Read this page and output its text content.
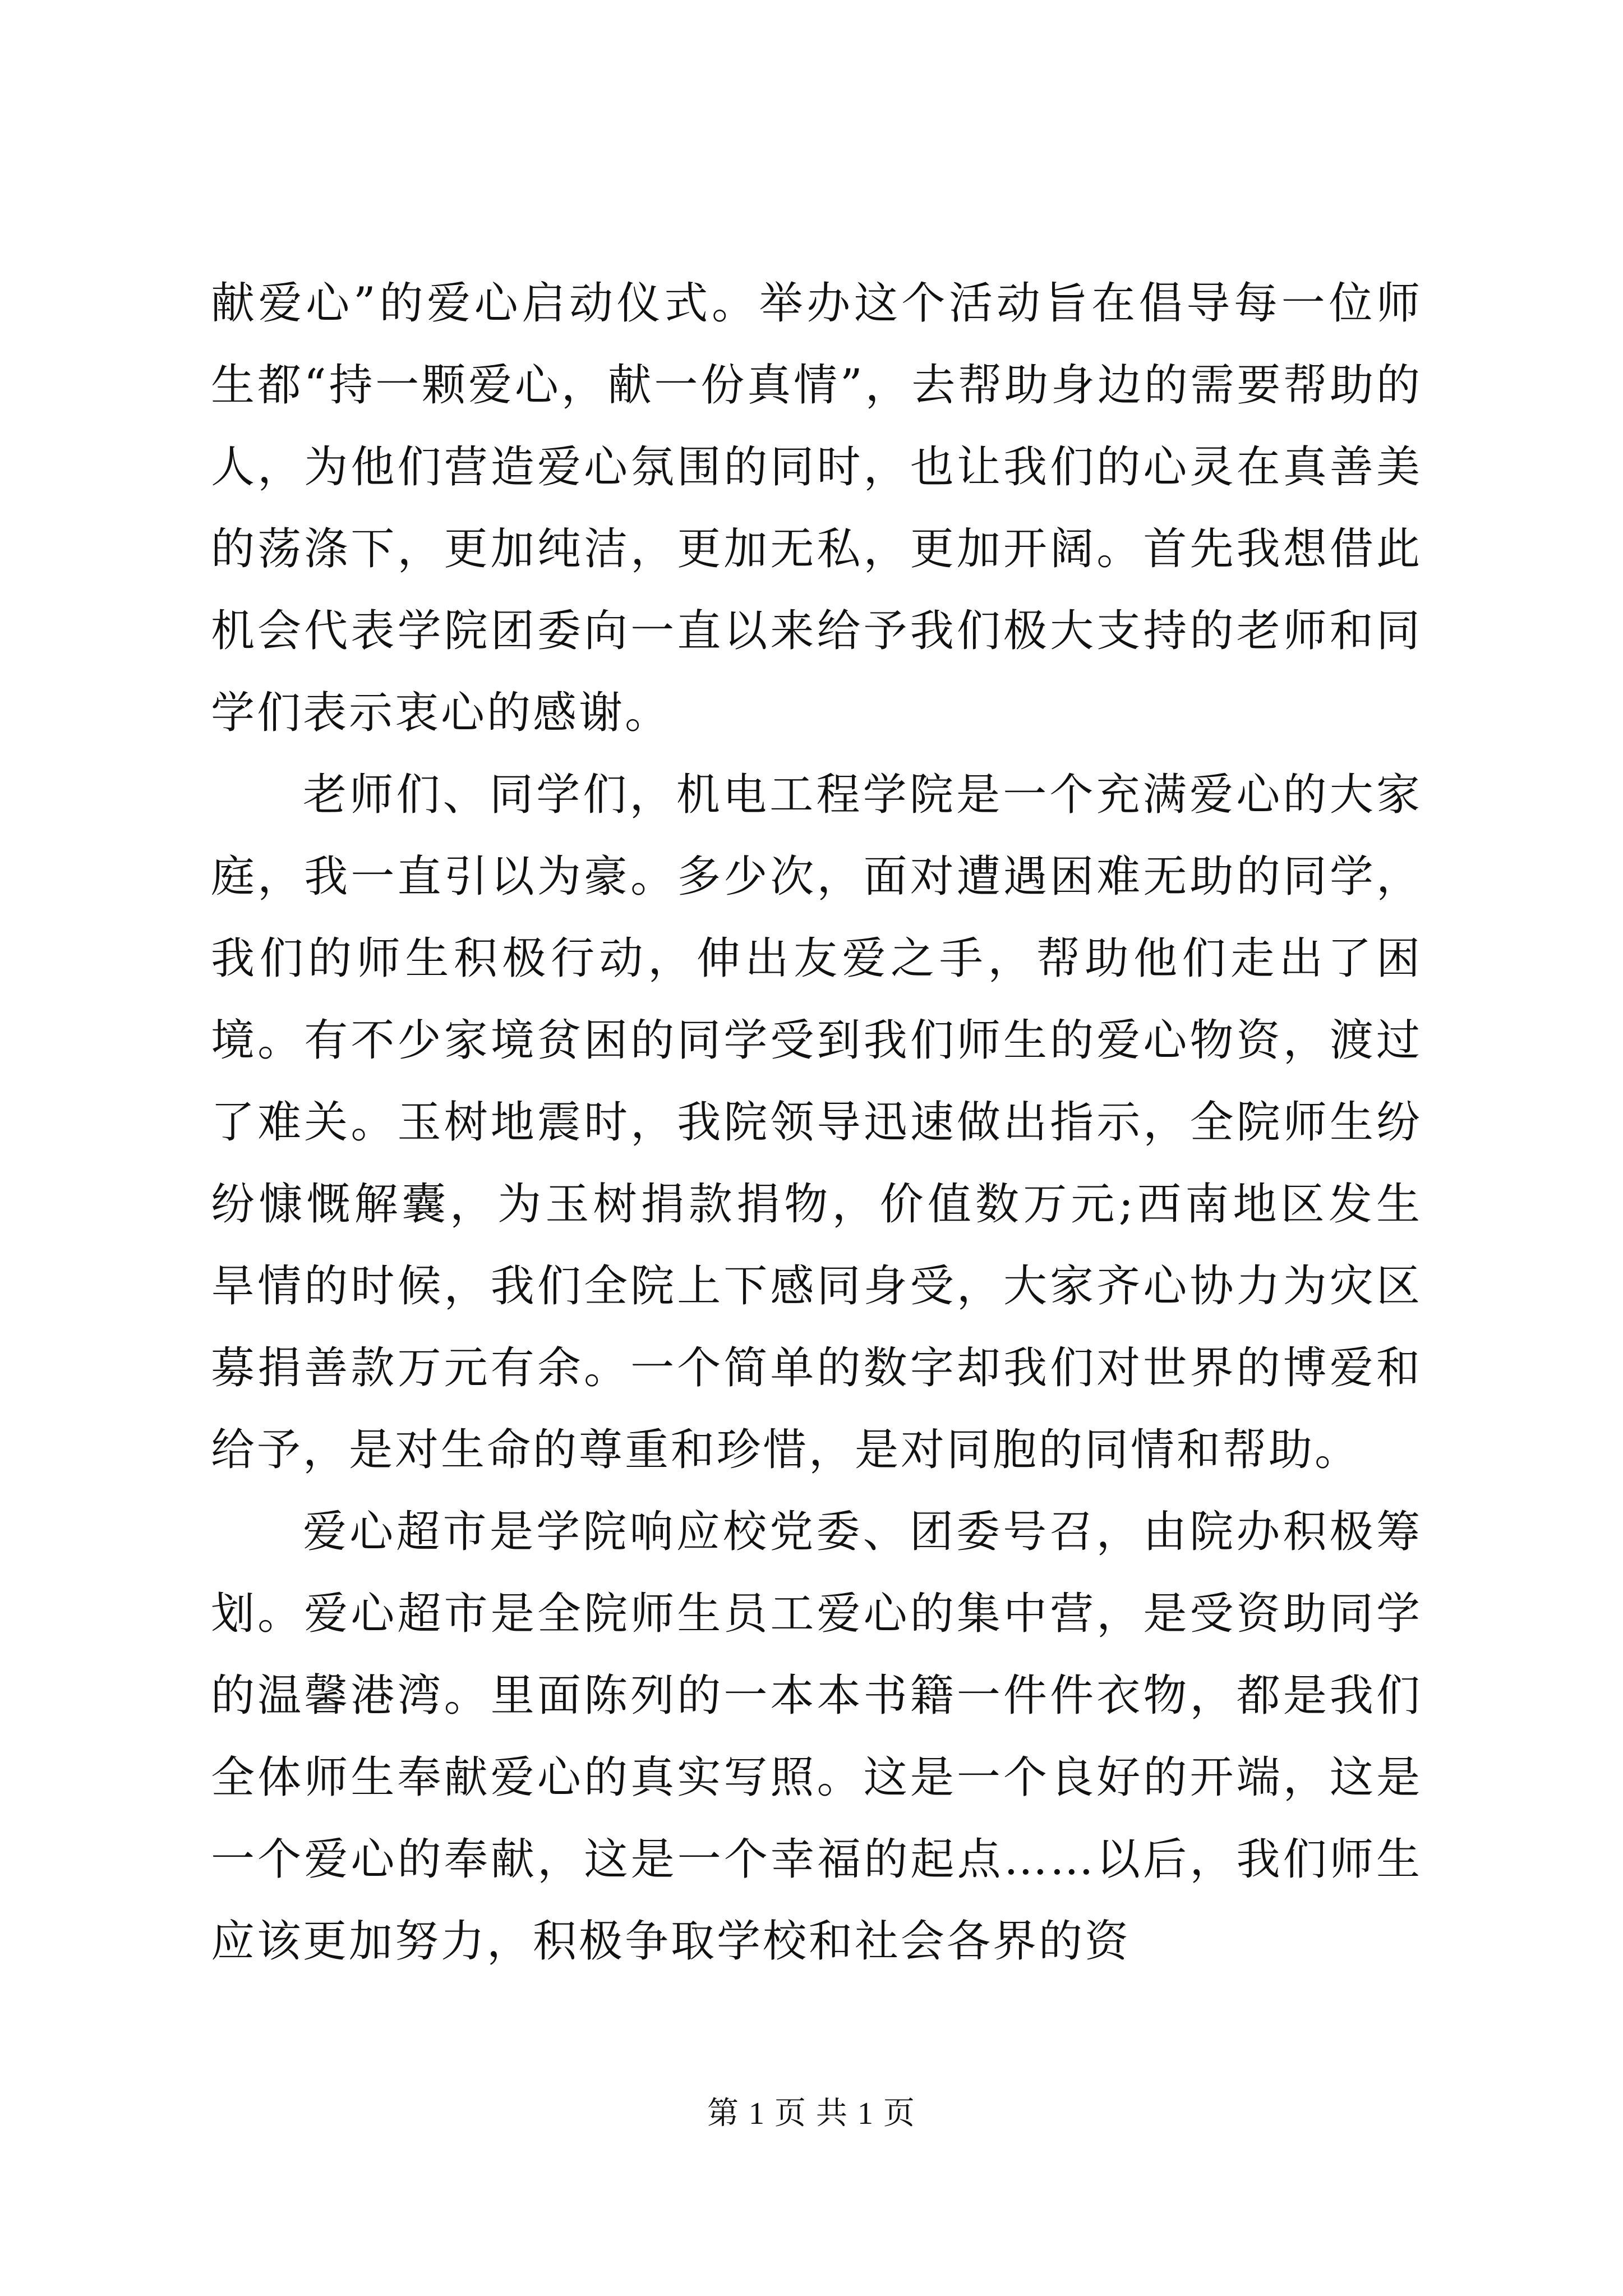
献爱心”的爱心启动仪式。举办这个活动旨在倡导每一位师生都“持一颗爱心，献一份真情”，去帮助身边的需要帮助的人，为他们营造爱心氛围的同时，也让我们的心灵在真善美的荡涤下，更加纯洁，更加无私，更加开阔。首先我想借此机会代表学院团委向一直以来给予我们极大支持的老师和同学们表示衷心的感谢。

老师们、同学们，机电工程学院是一个充满爱心的大家庭，我一直引以为豪。多少次，面对遭遇困难无助的同学，我们的师生积极行动，伸出友爱之手，帮助他们走出了困境。有不少家境贫困的同学受到我们师生的爱心物资，渡过了难关。玉树地震时，我院领导迅速做出指示，全院师生纷纷慷慨解囊，为玉树捐款捐物，价值数万元;西南地区发生旱情的时候，我们全院上下感同身受，大家齐心协力为灾区募捐善款万元有余。一个简单的数字却我们对世界的博爱和给予，是对生命的尊重和珍惜，是对同胞的同情和帮助。

爱心超市是学院响应校党委、团委号召，由院办积极筹划。爱心超市是全院师生员工爱心的集中营，是受资助同学的温馨港湾。里面陈列的一本本书籍一件件衣物，都是我们全体师生奉献爱心的真实写照。这是一个良好的开端，这是一个爱心的奉献，这是一个幸福的起点……以后，我们师生应该更加努力，积极争取学校和社会各界的资

第 1 页 共 1 页
